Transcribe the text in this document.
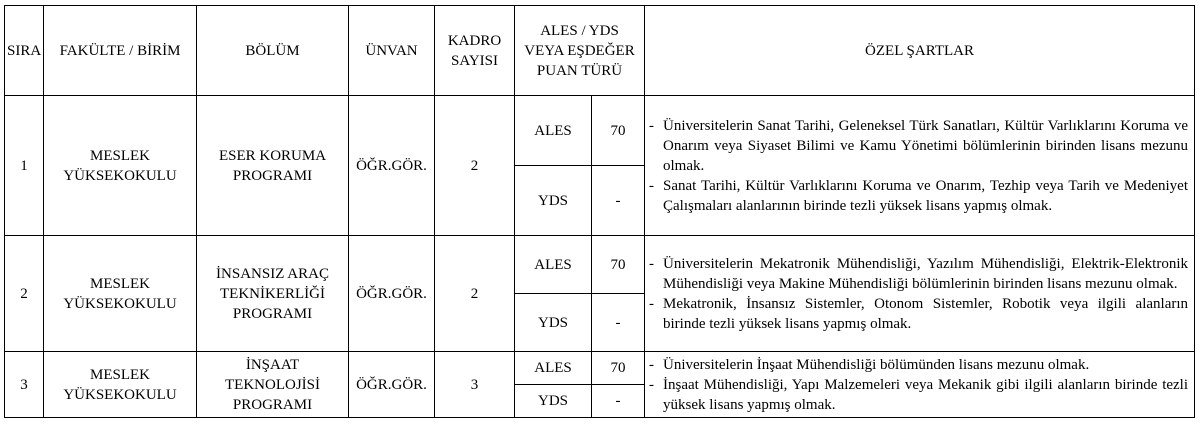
SIRA	FAKÜLTE / BİRİM	BÖLÜM	ÜNVAN	KADRO SAYISI	ALES / YDS VEYA EŞDEĞER PUAN TÜRÜ		ÖZEL ŞARTLAR
1	MESLEK YÜKSEKOKULU	ESER KORUMA PROGRAMI	ÖĞR.GÖR.	2	ALES	70	- Üniversitelerin Sanat Tarihi, Geleneksel Türk Sanatları, Kültür Varlıklarını Koruma ve Onarım veya Siyaset Bilimi ve Kamu Yönetimi bölümlerinin birinden lisans mezunu olmak.
- Sanat Tarihi, Kültür Varlıklarını Koruma ve Onarım, Tezhip veya Tarih ve Medeniyet Çalışmaları alanlarının birinde tezli yüksek lisans yapmış olmak.

					YDS	-	
2	MESLEK YÜKSEKOKULU	İNSANSIZ ARAÇ TEKNİKERLİĞİ PROGRAMI	ÖĞR.GÖR.	2	ALES	70	- Üniversitelerin Mekatronik Mühendisliği, Yazılım Mühendisliği, Elektrik-Elektronik Mühendisliği veya Makine Mühendisliği bölümlerinin birinden lisans mezunu olmak.
- Mekatronik, İnsansız Sistemler, Otonom Sistemler, Robotik veya ilgili alanların birinde tezli yüksek lisans yapmış olmak.

					YDS	-	
3	MESLEK YÜKSEKOKULU	İNŞAAT TEKNOLOJİSİ PROGRAMI	ÖĞR.GÖR.	3	ALES	70	- Üniversitelerin İnşaat Mühendisliği bölümünden lisans mezunu olmak.
- İnşaat Mühendisliği, Yapı Malzemeleri veya Mekanik gibi ilgili alanların birinde tezli yüksek lisans yapmış olmak.

					YDS	-	
